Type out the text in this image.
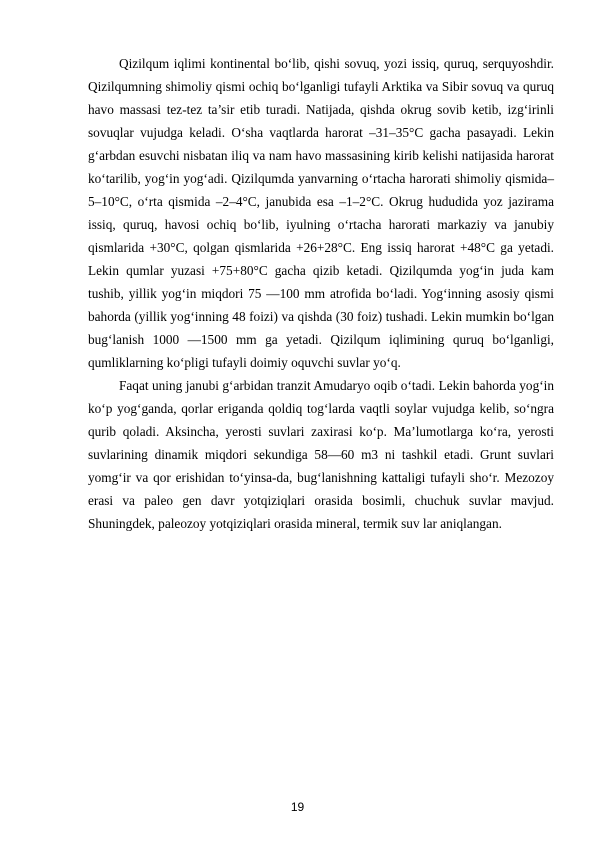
Qizilqum iqlimi kontinental bo‘lib, qishi sovuq, yozi issiq, quruq, serquyoshdir. Qizilqumning shimoliy qismi ochiq bo‘lganligi tufayli Arktika va Sibir sovuq va quruq havo massasi tez-tez ta’sir etib turadi. Natijada, qishda okrug sovib ketib, izg‘irinli sovuqlar vujudga keladi. O‘sha vaqtlarda harorat –31–35°C gacha pasayadi. Lekin g‘arbdan esuvchi nisbatan iliq va nam havo massasining kirib kelishi natijasida harorat ko‘tarilib, yog‘in yog‘adi. Qizilqumda yanvarning o‘rtacha harorati shimoliy qismida–5–10°C, o‘rta qismida –2–4°C, janubida esa –1–2°C. Okrug hududida yoz jazirama issiq, quruq, havosi ochiq bo‘lib, iyulning o‘rtacha harorati markaziy va janubiy qismlarida +30°C, qolgan qismlarida +26+28°C. Eng issiq harorat +48°C ga yetadi. Lekin qumlar yuzasi +75+80°C gacha qizib ketadi. Qizilqumda yog‘in juda kam tushib, yillik yog‘in miqdori 75 —100 mm atrofida bo‘ladi. Yog‘inning asosiy qismi bahorda (yillik yog‘inning 48 foizi) va qishda (30 foiz) tushadi. Lekin mumkin bo‘lgan bug‘lanish 1000 —1500 mm ga yetadi. Qizilqum iqlimining quruq bo‘lganligi, qumliklarning ko‘pligi tufayli doimiy oquvchi suvlar yo‘q.

Faqat uning janubi g‘arbidan tranzit Amudaryo oqib o‘tadi. Lekin bahorda yog‘in ko‘p yog‘ganda, qorlar eriganda qoldiq tog‘larda vaqtli soylar vujudga kelib, so‘ngra qurib qoladi. Aksincha, yerosti suvlari zaxirasi ko‘p. Ma’lumotlarga ko‘ra, yerosti suvlarining dinamik miqdori sekundiga 58—60 m3 ni tashkil etadi. Grunt suvlari yomg‘ir va qor erishidan to‘yinsa-da, bug‘lanishning kattaligi tufayli sho‘r. Mezozoy erasi va paleo gen davr yotqiziqlari orasida bosimli, chuchuk suvlar mavjud. Shuningdek, paleozoy yotqiziqlari orasida mineral, termik suv lar aniqlangan.

19
